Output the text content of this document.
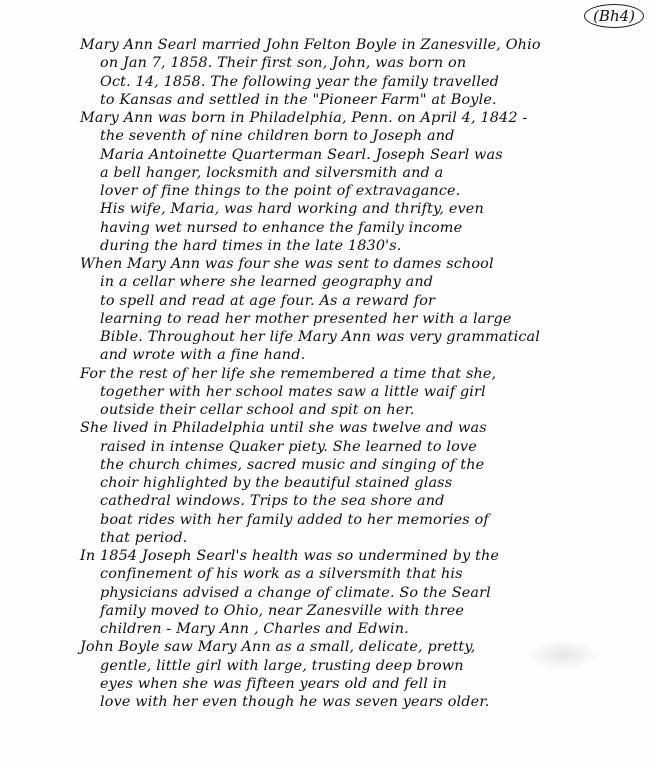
(Bh4)
Mary Ann Searl married John Felton Boyle in Zanesville, Ohio
on Jan 7, 1858. Their first son, John, was born on
Oct. 14, 1858. The following year the family travelled
to Kansas and settled in the "Pioneer Farm" at Boyle.
Mary Ann was born in Philadelphia, Penn. on April 4, 1842 -
the seventh of nine children born to Joseph and
Maria Antoinette Quarterman Searl. Joseph Searl was
a bell hanger, locksmith and silversmith and a
lover of fine things to the point of extravagance.
His wife, Maria, was hard working and thrifty, even
having wet nursed to enhance the family income
during the hard times in the late 1830's.
When Mary Ann was four she was sent to dames school
in a cellar where she learned geography and
to spell and read at age four. As a reward for
learning to read her mother presented her with a large
Bible. Throughout her life Mary Ann was very grammatical
and wrote with a fine hand.
For the rest of her life she remembered a time that she,
together with her school mates saw a little waif girl
outside their cellar school and spit on her.
She lived in Philadelphia until she was twelve and was
raised in intense Quaker piety. She learned to love
the church chimes, sacred music and singing of the
choir highlighted by the beautiful stained glass
cathedral windows. Trips to the sea shore and
boat rides with her family added to her memories of
that period.
In 1854 Joseph Searl's health was so undermined by the
confinement of his work as a silversmith that his
physicians advised a change of climate. So the Searl
family moved to Ohio, near Zanesville with three
children - Mary Ann , Charles and Edwin.
John Boyle saw Mary Ann as a small, delicate, pretty,
gentle, little girl with large, trusting deep brown
eyes when she was fifteen years old and fell in
love with her even though he was seven years older.
